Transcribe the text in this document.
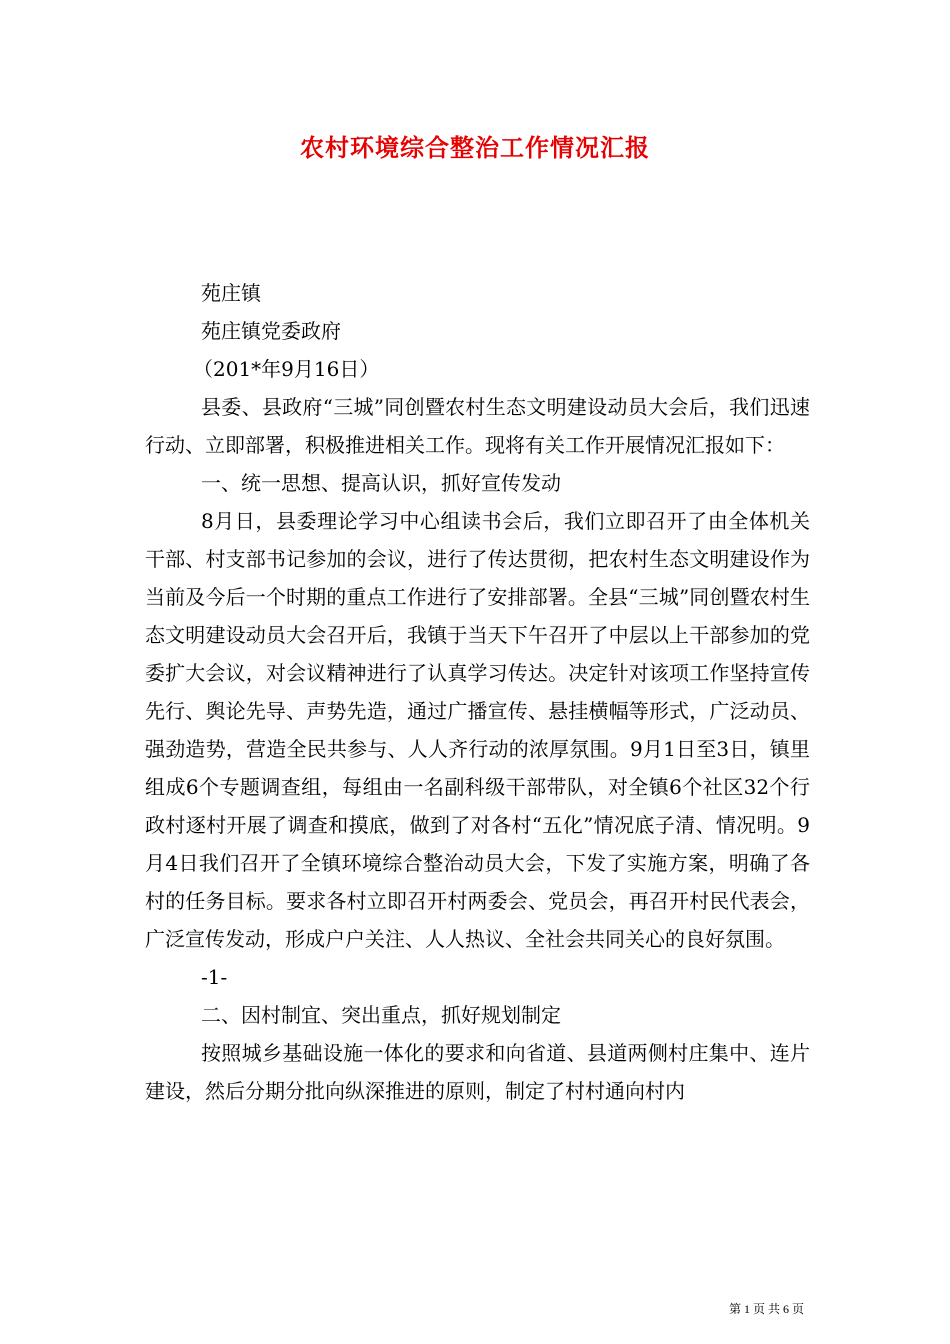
农村环境综合整治工作情况汇报

苑庄镇

苑庄镇党委政府

（201*年9月16日）

县委、县政府“三城”同创暨农村生态文明建设动员大会后，我们迅速行动、立即部署，积极推进相关工作。现将有关工作开展情况汇报如下：

一、统一思想、提高认识，抓好宣传发动

8月日，县委理论学习中心组读书会后，我们立即召开了由全体机关干部、村支部书记参加的会议，进行了传达贯彻，把农村生态文明建设作为当前及今后一个时期的重点工作进行了安排部署。全县“三城”同创暨农村生态文明建设动员大会召开后，我镇于当天下午召开了中层以上干部参加的党委扩大会议，对会议精神进行了认真学习传达。决定针对该项工作坚持宣传先行、舆论先导、声势先造，通过广播宣传、悬挂横幅等形式，广泛动员、强劲造势，营造全民共参与、人人齐行动的浓厚氛围。9月1日至3日，镇里组成6个专题调查组，每组由一名副科级干部带队，对全镇6个社区32个行政村逐村开展了调查和摸底，做到了对各村“五化”情况底子清、情况明。9月4日我们召开了全镇环境综合整治动员大会，下发了实施方案，明确了各村的任务目标。要求各村立即召开村两委会、党员会，再召开村民代表会，广泛宣传发动，形成户户关注、人人热议、全社会共同关心的良好氛围。

-1-

二、因村制宜、突出重点，抓好规划制定

按照城乡基础设施一体化的要求和向省道、县道两侧村庄集中、连片建设，然后分期分批向纵深推进的原则，制定了村村通向村内

第 1 页 共 6 页
